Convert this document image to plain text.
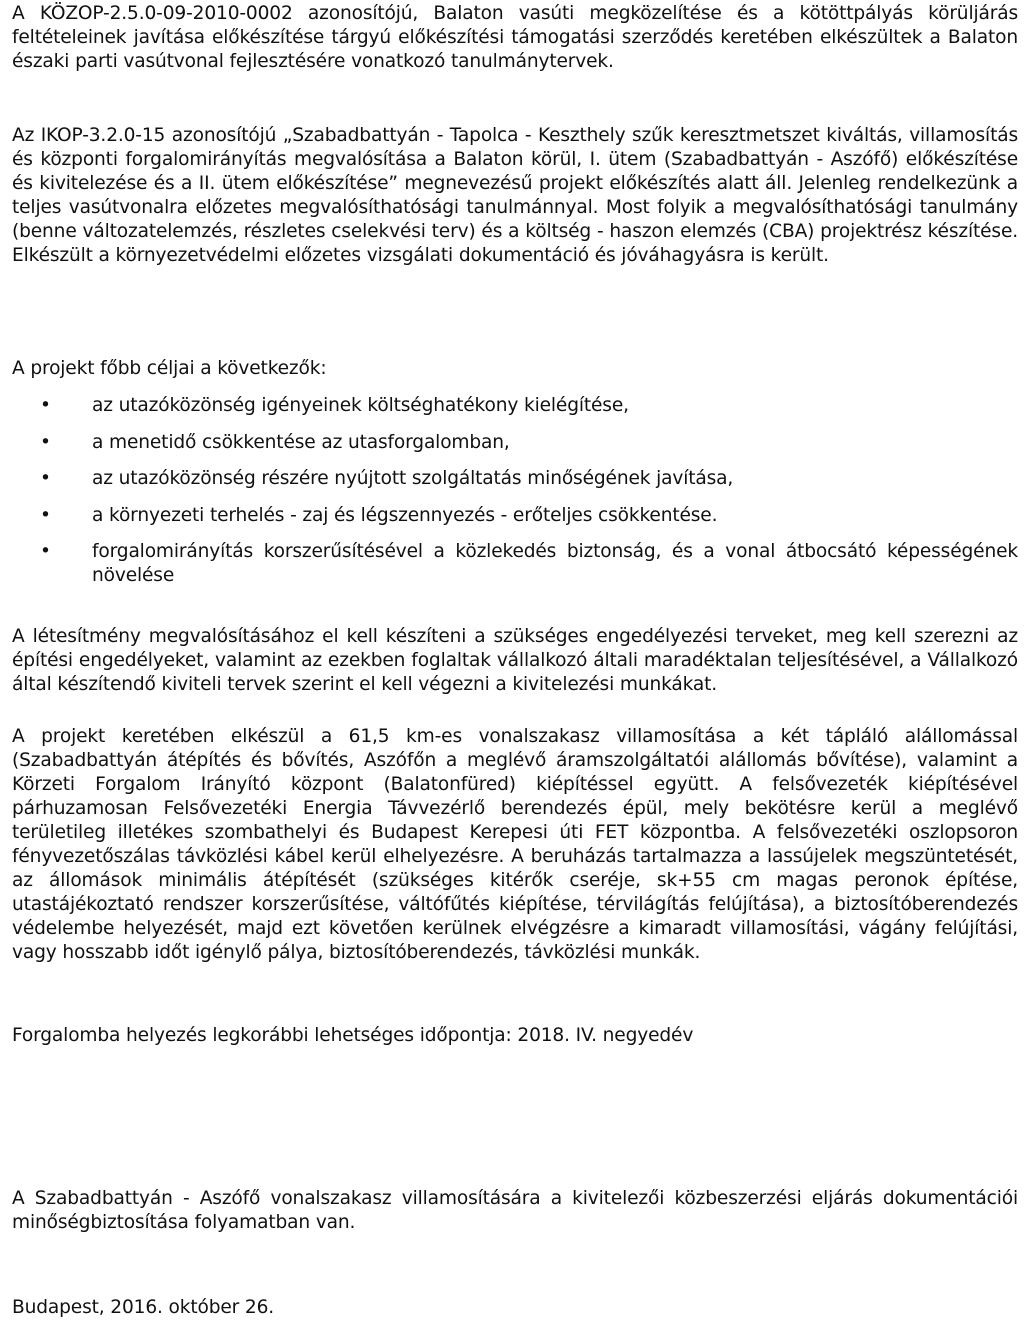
A KÖZOP-2.5.0-09-2010-0002 azonosítójú, Balaton vasúti megközelítése és a kötöttpályás körüljárás feltételeinek javítása előkészítése tárgyú előkészítési támogatási szerződés keretében elkészültek a Balaton északi parti vasútvonal fejlesztésére vonatkozó tanulmánytervek.

Az IKOP-3.2.0-15 azonosítójú „Szabadbattyán - Tapolca - Keszthely szűk keresztmetszet kiváltás, villamosítás és központi forgalomirányítás megvalósítása a Balaton körül, I. ütem (Szabadbattyán - Aszófő) előkészítése és kivitelezése és a II. ütem előkészítése” megnevezésű projekt előkészítés alatt áll. Jelenleg rendelkezünk a teljes vasútvonalra előzetes megvalósíthatósági tanulmánnyal. Most folyik a megvalósíthatósági tanulmány (benne változatelemzés, részletes cselekvési terv) és a költség - haszon elemzés (CBA) projektrész készítése. Elkészült a környezetvédelmi előzetes vizsgálati dokumentáció és jóváhagyásra is került.

A projekt főbb céljai a következők:

• az utazóközönség igényeinek költséghatékony kielégítése,
• a menetidő csökkentése az utasforgalomban,
• az utazóközönség részére nyújtott szolgáltatás minőségének javítása,
• a környezeti terhelés - zaj és légszennyezés - erőteljes csökkentése.
• forgalomirányítás korszerűsítésével a közlekedés biztonság, és a vonal átbocsátó képességének növelése

A létesítmény megvalósításához el kell készíteni a szükséges engedélyezési terveket, meg kell szerezni az építési engedélyeket, valamint az ezekben foglaltak vállalkozó általi maradéktalan teljesítésével, a Vállalkozó által készítendő kiviteli tervek szerint el kell végezni a kivitelezési munkákat.

A projekt keretében elkészül a 61,5 km-es vonalszakasz villamosítása a két tápláló alállomással (Szabadbattyán átépítés és bővítés, Aszófőn a meglévő áramszolgáltatói alállomás bővítése), valamint a Körzeti Forgalom Irányító központ (Balatonfüred) kiépítéssel együtt. A felsővezeték kiépítésével párhuzamosan Felsővezetéki Energia Távvezérlő berendezés épül, mely bekötésre kerül a meglévő területileg illetékes szombathelyi és Budapest Kerepesi úti FET központba. A felsővezetéki oszlopsoron fényvezetőszálas távközlési kábel kerül elhelyezésre. A beruházás tartalmazza a lassújelek megszüntetését, az állomások minimális átépítését (szükséges kitérők cseréje, sk+55 cm magas peronok építése, utastájékoztató rendszer korszerűsítése, váltófűtés kiépítése, térvilágítás felújítása), a biztosítóberendezés védelembe helyezését, majd ezt követően kerülnek elvégzésre a kimaradt villamosítási, vágány felújítási, vagy hosszabb időt igénylő pálya, biztosítóberendezés, távközlési munkák.

Forgalomba helyezés legkorábbi lehetséges időpontja: 2018. IV. negyedév

A Szabadbattyán - Aszófő vonalszakasz villamosítására a kivitelezői közbeszerzési eljárás dokumentációi minőségbiztosítása folyamatban van.

Budapest, 2016. október 26.
